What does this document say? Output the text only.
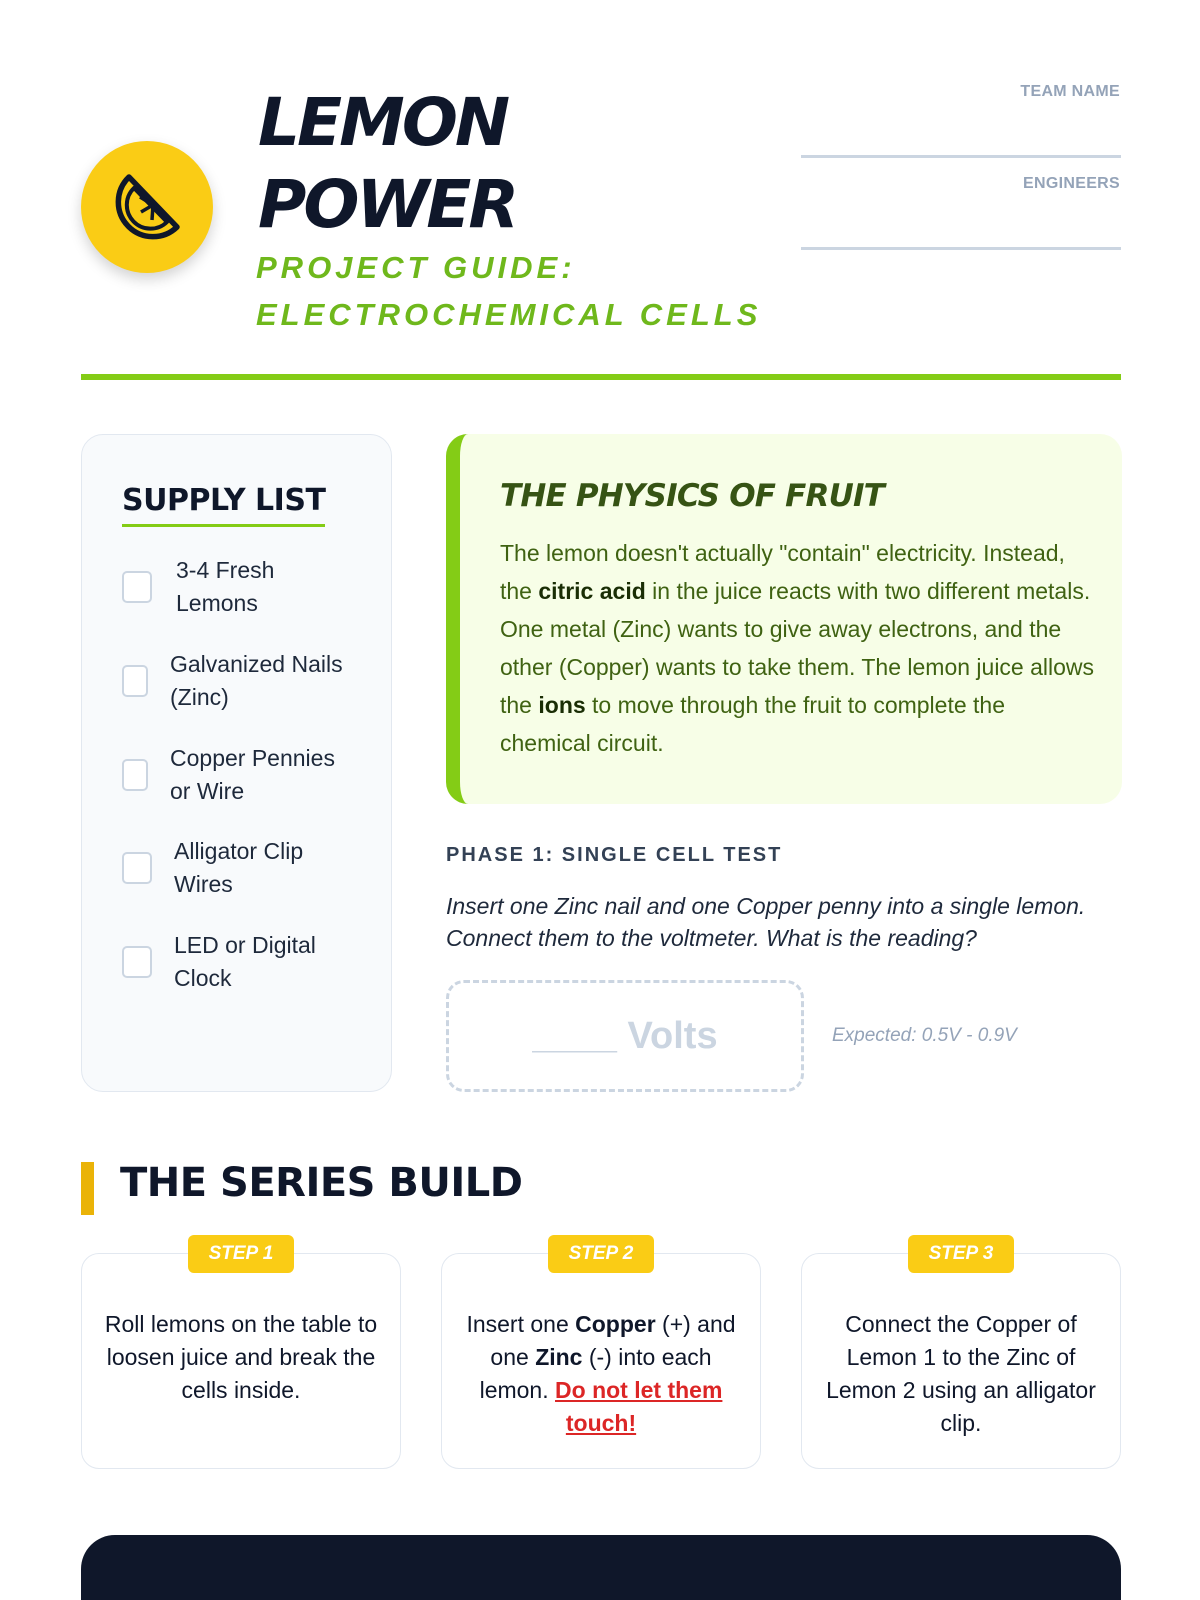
LEMON
POWER
PROJECT GUIDE:
ELECTROCHEMICAL CELLS
TEAM NAME
ENGINEERS
SUPPLY LIST
3-4 Fresh
Lemons
Galvanized Nails
(Zinc)
Copper Pennies
or Wire
Alligator Clip
Wires
LED or Digital
Clock
THE PHYSICS OF FRUIT
The lemon doesn't actually "contain" electricity. Instead, the citric acid in the juice reacts with two different metals. One metal (Zinc) wants to give away electrons, and the other (Copper) wants to take them. The lemon juice allows the ions to move through the fruit to complete the chemical circuit.
PHASE 1: SINGLE CELL TEST
Insert one Zinc nail and one Copper penny into a single lemon. Connect them to the voltmeter. What is the reading?
____ Volts	Expected: 0.5V - 0.9V
THE SERIES BUILD
Roll lemons on the table to loosen juice and break the cells inside.
STEP 1
Insert one Copper (+) and one Zinc (-) into each lemon. Do not let them touch!
STEP 2
Connect the Copper of Lemon 1 to the Zinc of Lemon 2 using an alligator clip.
STEP 3
